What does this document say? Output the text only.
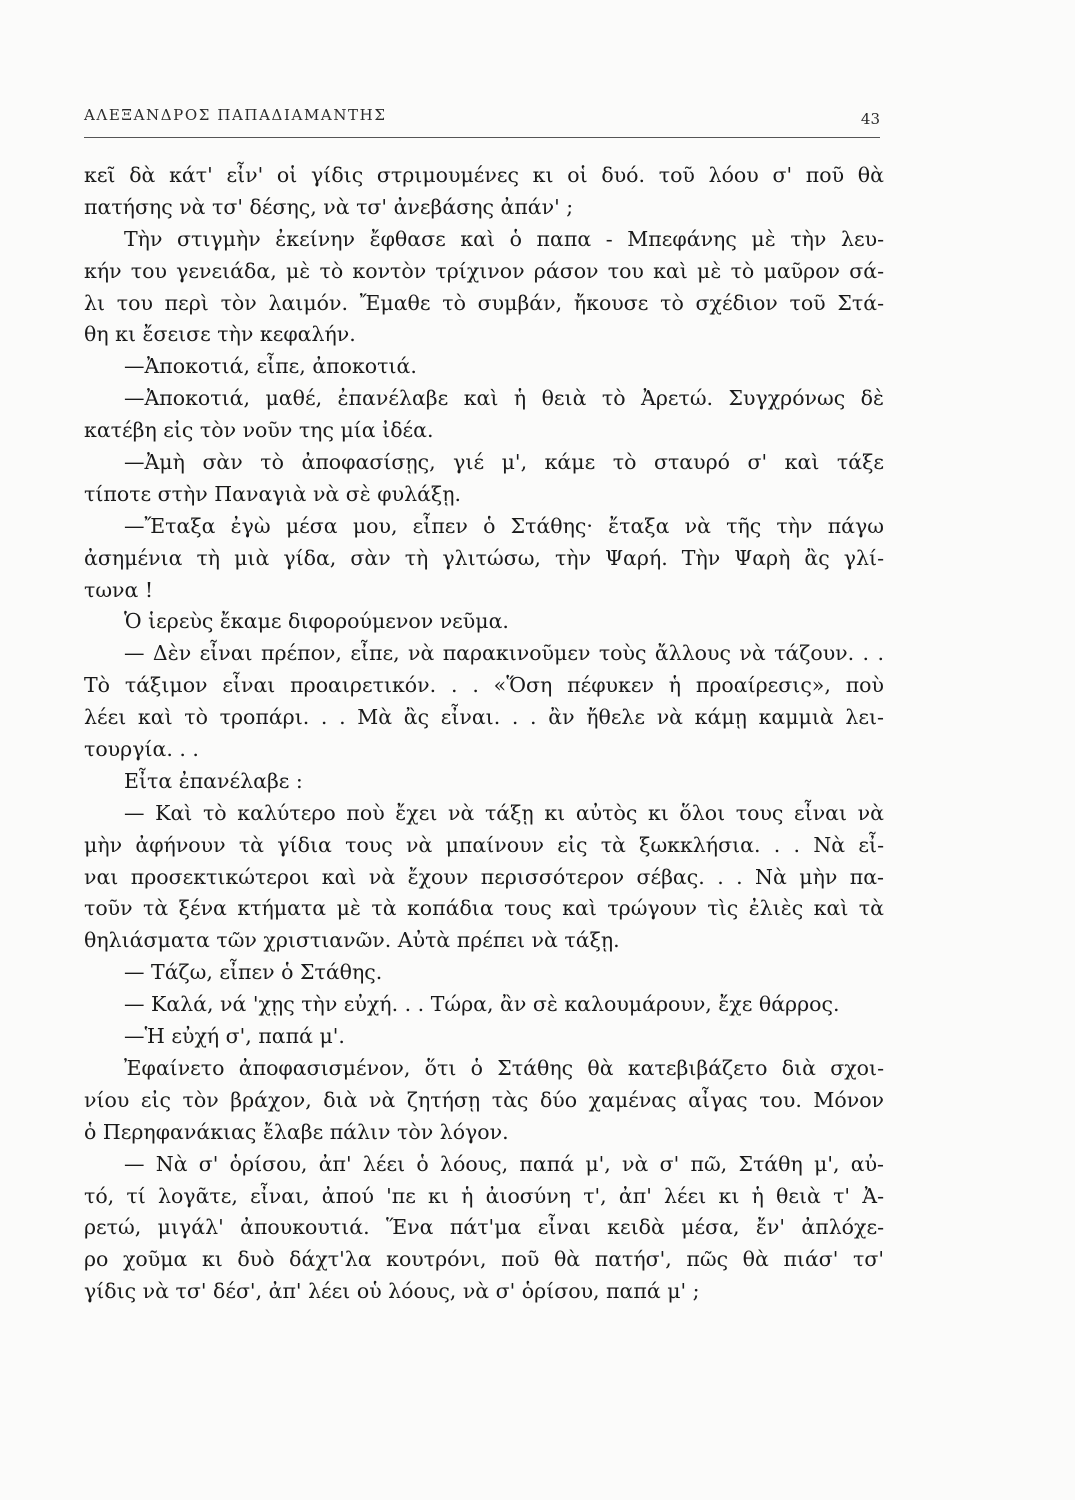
ΑΛΕΞΑΝΔΡΟΣ ΠΑΠΑΔΙΑΜΑΝΤΗΣ	43
κεῖ δὰ κάτ' εἶν' οἱ γίδις στριμουμένες κι οἱ δυό. τοῦ λόου σ' ποῦ θὰ
πατήσης νὰ τσ' δέσης, νὰ τσ' ἀνεβάσης ἀπάν' ;
Τὴν στιγμὴν ἐκείνην ἔφθασε καὶ ὁ παπα - Μπεφάνης μὲ τὴν λευ-
κήν του γενειάδα, μὲ τὸ κοντὸν τρίχινον ράσον του καὶ μὲ τὸ μαῦρον σά-
λι του περὶ τὸν λαιμόν. Ἔμαθε τὸ συμβάν, ἤκουσε τὸ σχέδιον τοῦ Στά-
θη κι ἔσεισε τὴν κεφαλήν.
—Ἀποκοτιά, εἶπε, ἀποκοτιά.
—Ἀποκοτιά, μαθέ, ἐπανέλαβε καὶ ἡ θειὰ τὸ Ἀρετώ. Συγχρόνως δὲ
κατέβη εἰς τὸν νοῦν της μία ἰδέα.
—Ἀμὴ σὰν τὸ ἀποφασίσῃς, γιέ μ', κάμε τὸ σταυρό σ' καὶ τάξε
τίποτε στὴν Παναγιὰ νὰ σὲ φυλάξῃ.
—Ἔταξα ἐγὼ μέσα μου, εἶπεν ὁ Στάθης· ἔταξα νὰ τῆς τὴν πάγω
ἀσημένια τὴ μιὰ γίδα, σὰν τὴ γλιτώσω, τὴν Ψαρή. Τὴν Ψαρὴ ἂς γλί-
τωνα !
Ὁ ἱερεὺς ἔκαμε διφορούμενον νεῦμα.
— Δὲν εἶναι πρέπον, εἶπε, νὰ παρακινοῦμεν τοὺς ἄλλους νὰ τάζουν. . .
Τὸ τάξιμον εἶναι προαιρετικόν. . . «Ὅση πέφυκεν ἡ προαίρεσις», ποὺ
λέει καὶ τὸ τροπάρι. . . Μὰ ἂς εἶναι. . . ἂν ἤθελε νὰ κάμῃ καμμιὰ λει-
τουργία. . .
Εἶτα ἐπανέλαβε :
— Καὶ τὸ καλύτερο ποὺ ἔχει νὰ τάξῃ κι αὐτὸς κι ὅλοι τους εἶναι νὰ
μὴν ἀφήνουν τὰ γίδια τους νὰ μπαίνουν εἰς τὰ ξωκκλήσια. . . Νὰ εἶ-
ναι προσεκτικώτεροι καὶ νὰ ἔχουν περισσότερον σέβας. . . Νὰ μὴν πα-
τοῦν τὰ ξένα κτήματα μὲ τὰ κοπάδια τους καὶ τρώγουν τὶς ἐλιὲς καὶ τὰ
θηλιάσματα τῶν χριστιανῶν. Αὐτὰ πρέπει νὰ τάξῃ.
— Τάζω, εἶπεν ὁ Στάθης.
— Καλά, νά 'χῃς τὴν εὐχή. . . Τώρα, ἂν σὲ καλουμάρουν, ἔχε θάρρος.
—Ἡ εὐχή σ', παπά μ'.
Ἐφαίνετο ἀποφασισμένον, ὅτι ὁ Στάθης θὰ κατεβιβάζετο διὰ σχοι-
νίου εἰς τὸν βράχον, διὰ νὰ ζητήσῃ τὰς δύο χαμένας αἶγας του. Μόνον
ὁ Περηφανάκιας ἔλαβε πάλιν τὸν λόγον.
— Νὰ σ' ὁρίσου, ἀπ' λέει ὁ λόους, παπά μ', νὰ σ' πῶ, Στάθη μ', αὐ-
τό, τί λογᾶτε, εἶναι, ἀπού 'πε κι ἡ ἀιοσύνη τ', ἀπ' λέει κι ἡ θειὰ τ' Ἀ-
ρετώ, μιγάλ' ἀπουκουτιά. Ἕνα πάτ'μα εἶναι κειδὰ μέσα, ἔν' ἀπλόχε-
ρο χοῦμα κι δυὸ δάχτ'λα κουτρόνι, ποῦ θὰ πατήσ', πῶς θὰ πιάσ' τσ'
γίδις νὰ τσ' δέσ', ἀπ' λέει οὑ λόους, νὰ σ' ὁρίσου, παπά μ' ;
